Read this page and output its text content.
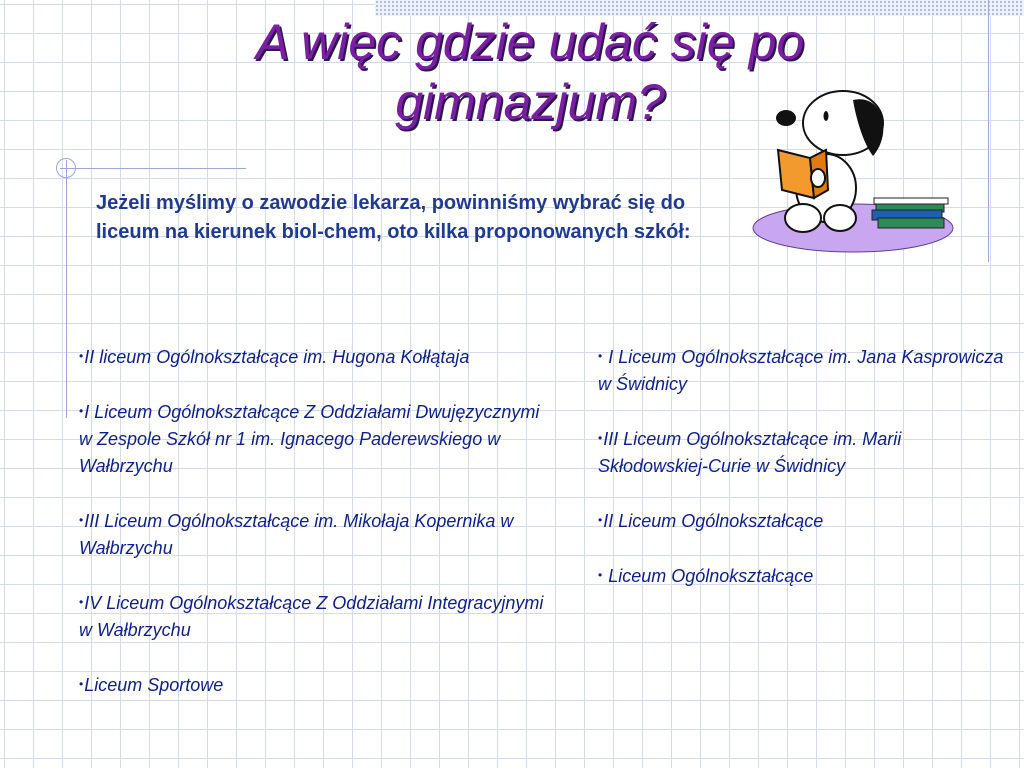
A więc gdzie udać się po gimnazjum?

Jeżeli myślimy o zawodzie lekarza, powinniśmy wybrać się do liceum na kierunek biol-chem, oto kilka proponowanych szkół:

•II liceum Ogólnokształcące im. Hugona Kołłątaja
•I Liceum Ogólnokształcące Z Oddziałami Dwujęzycznymi w Zespole Szkół nr 1 im. Ignacego Paderewskiego w Wałbrzychu
•III Liceum Ogólnokształcące im. Mikołaja Kopernika w Wałbrzychu
•IV Liceum Ogólnokształcące Z Oddziałami Integracyjnymi w Wałbrzychu
•Liceum Sportowe
• I Liceum Ogólnokształcące im. Jana Kasprowicza w Świdnicy
•III Liceum Ogólnokształcące im. Marii Skłodowskiej-Curie w Świdnicy
•II Liceum Ogólnokształcące
• Liceum Ogólnokształcące
